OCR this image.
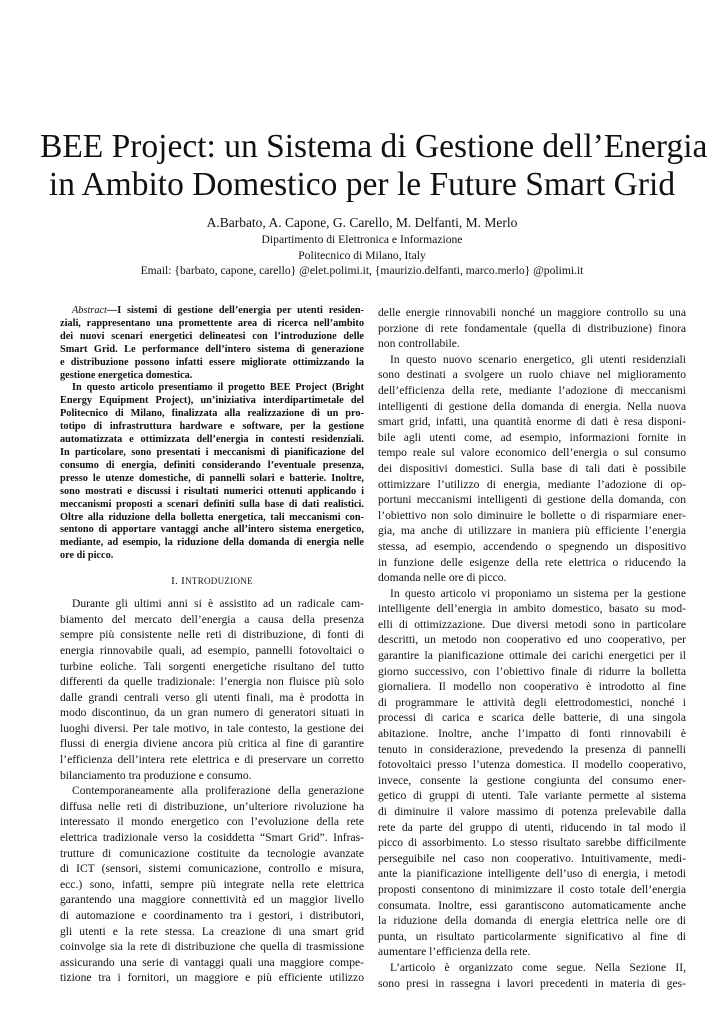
BEE Project: un Sistema di Gestione dell’Energia
in Ambito Domestico per le Future Smart Grid
A.Barbato, A. Capone, G. Carello, M. Delfanti, M. Merlo
Dipartimento di Elettronica e Informazione
Politecnico di Milano, Italy
Email: {barbato, capone, carello} @elet.polimi.it, {maurizio.delfanti, marco.merlo} @polimi.it
Abstract—I sistemi di gestione dell’energia per utenti residen-
ziali, rappresentano una promettente area di ricerca nell’ambito
dei nuovi scenari energetici delineatesi con l’introduzione delle
Smart Grid. Le performance dell’intero sistema di generazione
e distribuzione possono infatti essere migliorate ottimizzando la
gestione energetica domestica.
In questo articolo presentiamo il progetto BEE Project (Bright
Energy Equipment Project), un’iniziativa interdipartimetale del
Politecnico di Milano, finalizzata alla realizzazione di un pro-
totipo di infrastruttura hardware e software, per la gestione
automatizzata e ottimizzata dell’energia in contesti residenziali.
In particolare, sono presentati i meccanismi di pianificazione del
consumo di energia, definiti considerando l’eventuale presenza,
presso le utenze domestiche, di pannelli solari e batterie. Inoltre,
sono mostrati e discussi i risultati numerici ottenuti applicando i
meccanismi proposti a scenari definiti sulla base di dati realistici.
Oltre alla riduzione della bolletta energetica, tali meccanismi con-
sentono di apportare vantaggi anche all’intero sistema energetico,
mediante, ad esempio, la riduzione della domanda di energia nelle
ore di picco.
I. INTRODUZIONE
Durante gli ultimi anni si è assistito ad un radicale cam-
biamento del mercato dell’energia a causa della presenza
sempre più consistente nelle reti di distribuzione, di fonti di
energia rinnovabile quali, ad esempio, pannelli fotovoltaici o
turbine eoliche. Tali sorgenti energetiche risultano del tutto
differenti da quelle tradizionale: l’energia non fluisce più solo
dalle grandi centrali verso gli utenti finali, ma è prodotta in
modo discontinuo, da un gran numero di generatori situati in
luoghi diversi. Per tale motivo, in tale contesto, la gestione dei
flussi di energia diviene ancora più critica al fine di garantire
l’efficienza dell’intera rete elettrica e di preservare un corretto
bilanciamento tra produzione e consumo.
Contemporaneamente alla proliferazione della generazione
diffusa nelle reti di distribuzione, un’ulteriore rivoluzione ha
interessato il mondo energetico con l’evoluzione della rete
elettrica tradizionale verso la cosiddetta “Smart Grid”. Infras-
trutture di comunicazione costituite da tecnologie avanzate
di ICT (sensori, sistemi comunicazione, controllo e misura,
ecc.) sono, infatti, sempre più integrate nella rete elettrica
garantendo una maggiore connettività ed un maggior livello
di automazione e coordinamento tra i gestori, i distributori,
gli utenti e la rete stessa. La creazione di una smart grid
coinvolge sia la rete di distribuzione che quella di trasmissione
assicurando una serie di vantaggi quali una maggiore compe-
tizione tra i fornitori, un maggiore e più efficiente utilizzo
delle energie rinnovabili nonché un maggiore controllo su una
porzione di rete fondamentale (quella di distribuzione) finora
non controllabile.
In questo nuovo scenario energetico, gli utenti residenziali
sono destinati a svolgere un ruolo chiave nel miglioramento
dell’efficienza della rete, mediante l’adozione di meccanismi
intelligenti di gestione della domanda di energia. Nella nuova
smart grid, infatti, una quantità enorme di dati è resa disponi-
bile agli utenti come, ad esempio, informazioni fornite in
tempo reale sul valore economico dell’energia o sul consumo
dei dispositivi domestici. Sulla base di tali dati è possibile
ottimizzare l’utilizzo di energia, mediante l’adozione di op-
portuni meccanismi intelligenti di gestione della domanda, con
l’obiettivo non solo diminuire le bollette o di risparmiare ener-
gia, ma anche di utilizzare in maniera più efficiente l’energia
stessa, ad esempio, accendendo o spegnendo un dispositivo
in funzione delle esigenze della rete elettrica o riducendo la
domanda nelle ore di picco.
In questo articolo vi proponiamo un sistema per la gestione
intelligente dell’energia in ambito domestico, basato su mod-
elli di ottimizzazione. Due diversi metodi sono in particolare
descritti, un metodo non cooperativo ed uno cooperativo, per
garantire la pianificazione ottimale dei carichi energetici per il
giorno successivo, con l’obiettivo finale di ridurre la bolletta
giornaliera. Il modello non cooperativo è introdotto al fine
di programmare le attività degli elettrodomestici, nonché i
processi di carica e scarica delle batterie, di una singola
abitazione. Inoltre, anche l’impatto di fonti rinnovabili è
tenuto in considerazione, prevedendo la presenza di pannelli
fotovoltaici presso l’utenza domestica. Il modello cooperativo,
invece, consente la gestione congiunta del consumo ener-
getico di gruppi di utenti. Tale variante permette al sistema
di diminuire il valore massimo di potenza prelevabile dalla
rete da parte del gruppo di utenti, riducendo in tal modo il
picco di assorbimento. Lo stesso risultato sarebbe difficilmente
perseguibile nel caso non cooperativo. Intuitivamente, medi-
ante la pianificazione intelligente dell’uso di energia, i metodi
proposti consentono di minimizzare il costo totale dell’energia
consumata. Inoltre, essi garantiscono automaticamente anche
la riduzione della domanda di energia elettrica nelle ore di
punta, un risultato particolarmente significativo al fine di
aumentare l’efficienza della rete.
L’articolo è organizzato come segue. Nella Sezione II,
sono presi in rassegna i lavori precedenti in materia di ges-
